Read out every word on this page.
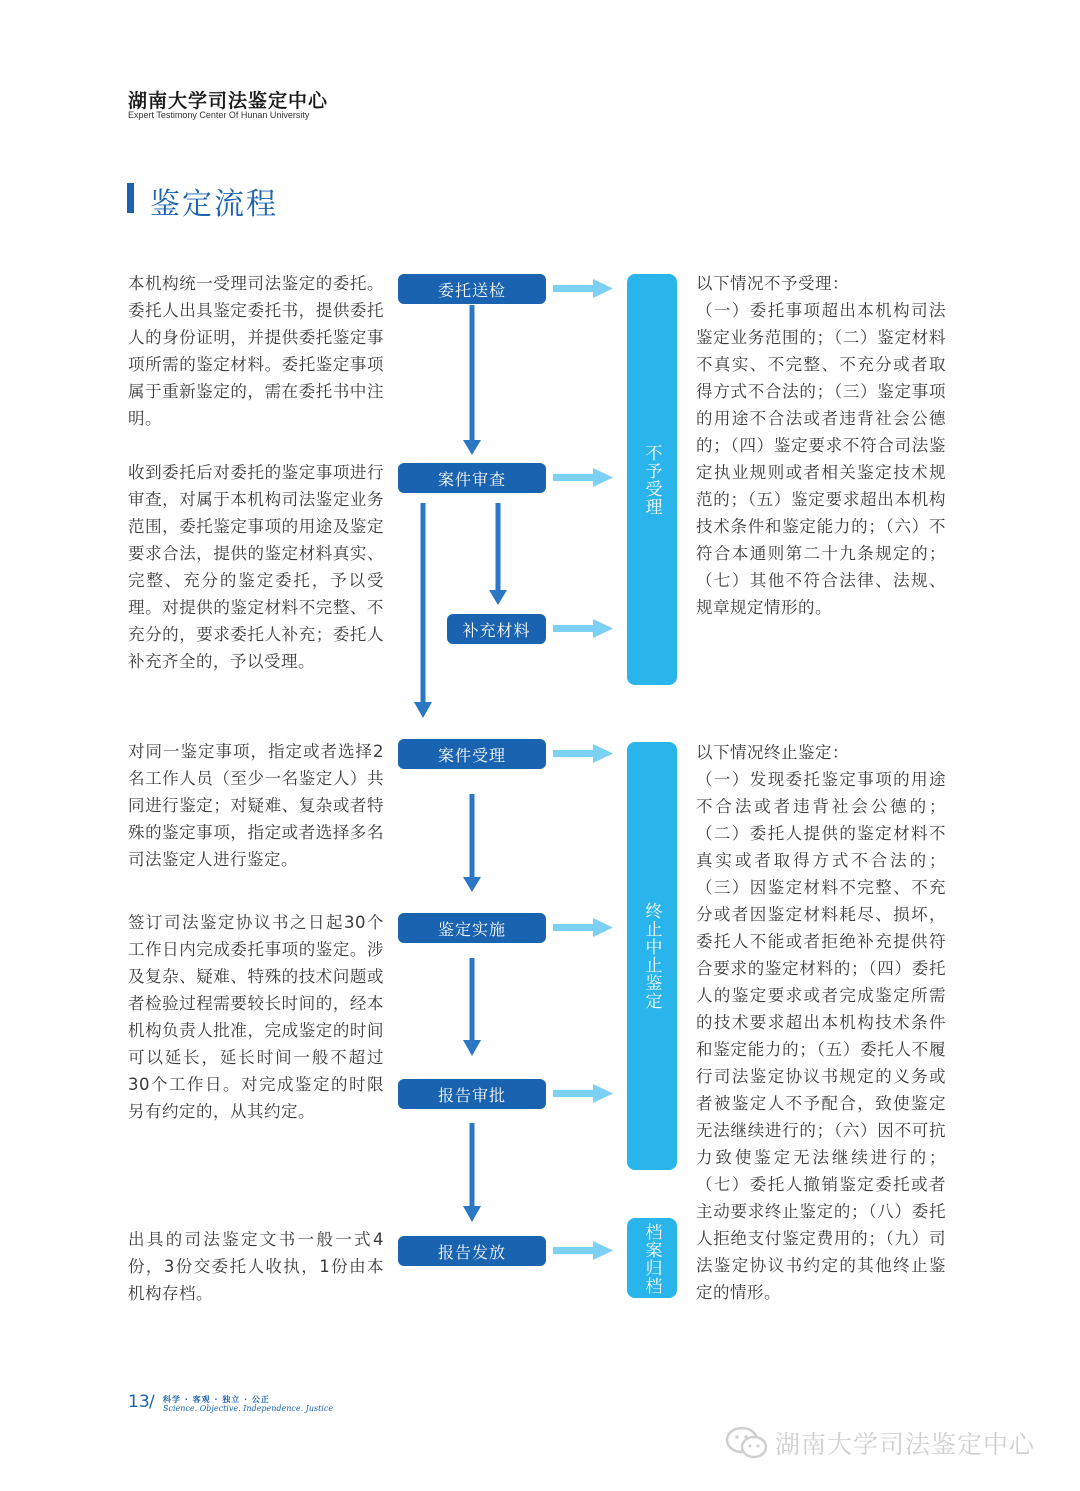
湖南大学司法鉴定中心
Expert Testimony Center Of Hunan University
鉴定流程
本机构统一受理司法鉴定的委托。委托人出具鉴定委托书，提供委托人的身份证明，并提供委托鉴定事项所需的鉴定材料。委托鉴定事项属于重新鉴定的，需在委托书中注明。
收到委托后对委托的鉴定事项进行审查，对属于本机构司法鉴定业务范围，委托鉴定事项的用途及鉴定要求合法，提供的鉴定材料真实、完整、充分的鉴定委托，予以受理。对提供的鉴定材料不完整、不充分的，要求委托人补充；委托人补充齐全的，予以受理。
对同一鉴定事项，指定或者选择2名工作人员（至少一名鉴定人）共同进行鉴定；对疑难、复杂或者特殊的鉴定事项，指定或者选择多名司法鉴定人进行鉴定。
签订司法鉴定协议书之日起30个工作日内完成委托事项的鉴定。涉及复杂、疑难、特殊的技术问题或者检验过程需要较长时间的，经本机构负责人批准，完成鉴定的时间可以延长，延长时间一般不超过30个工作日。对完成鉴定的时限另有约定的，从其约定。
出具的司法鉴定文书一般一式4份，3份交委托人收执，1份由本机构存档。
委托送检
案件审查
补充材料
案件受理
鉴定实施
报告审批
报告发放
不予受理
终止中止鉴定
档案归档
以下情况不予受理：
（一）委托事项超出本机构司法鉴定业务范围的；（二）鉴定材料不真实、不完整、不充分或者取得方式不合法的；（三）鉴定事项的用途不合法或者违背社会公德的；（四）鉴定要求不符合司法鉴定执业规则或者相关鉴定技术规范的；（五）鉴定要求超出本机构技术条件和鉴定能力的；（六）不符合本通则第二十九条规定的；（七）其他不符合法律、法规、规章规定情形的。
以下情况终止鉴定：
（一）发现委托鉴定事项的用途不合法或者违背社会公德的；（二）委托人提供的鉴定材料不真实或者取得方式不合法的；（三）因鉴定材料不完整、不充分或者因鉴定材料耗尽、损坏，委托人不能或者拒绝补充提供符合要求的鉴定材料的；（四）委托人的鉴定要求或者完成鉴定所需的技术要求超出本机构技术条件和鉴定能力的；（五）委托人不履行司法鉴定协议书规定的义务或者被鉴定人不予配合，致使鉴定无法继续进行的；（六）因不可抗力致使鉴定无法继续进行的；（七）委托人撤销鉴定委托或者主动要求终止鉴定的；（八）委托人拒绝支付鉴定费用的；（九）司法鉴定协议书约定的其他终止鉴定的情形。
13 / 科学 · 客观 · 独立 · 公正
Science. Objective. Independence. Justice
湖南大学司法鉴定中心
